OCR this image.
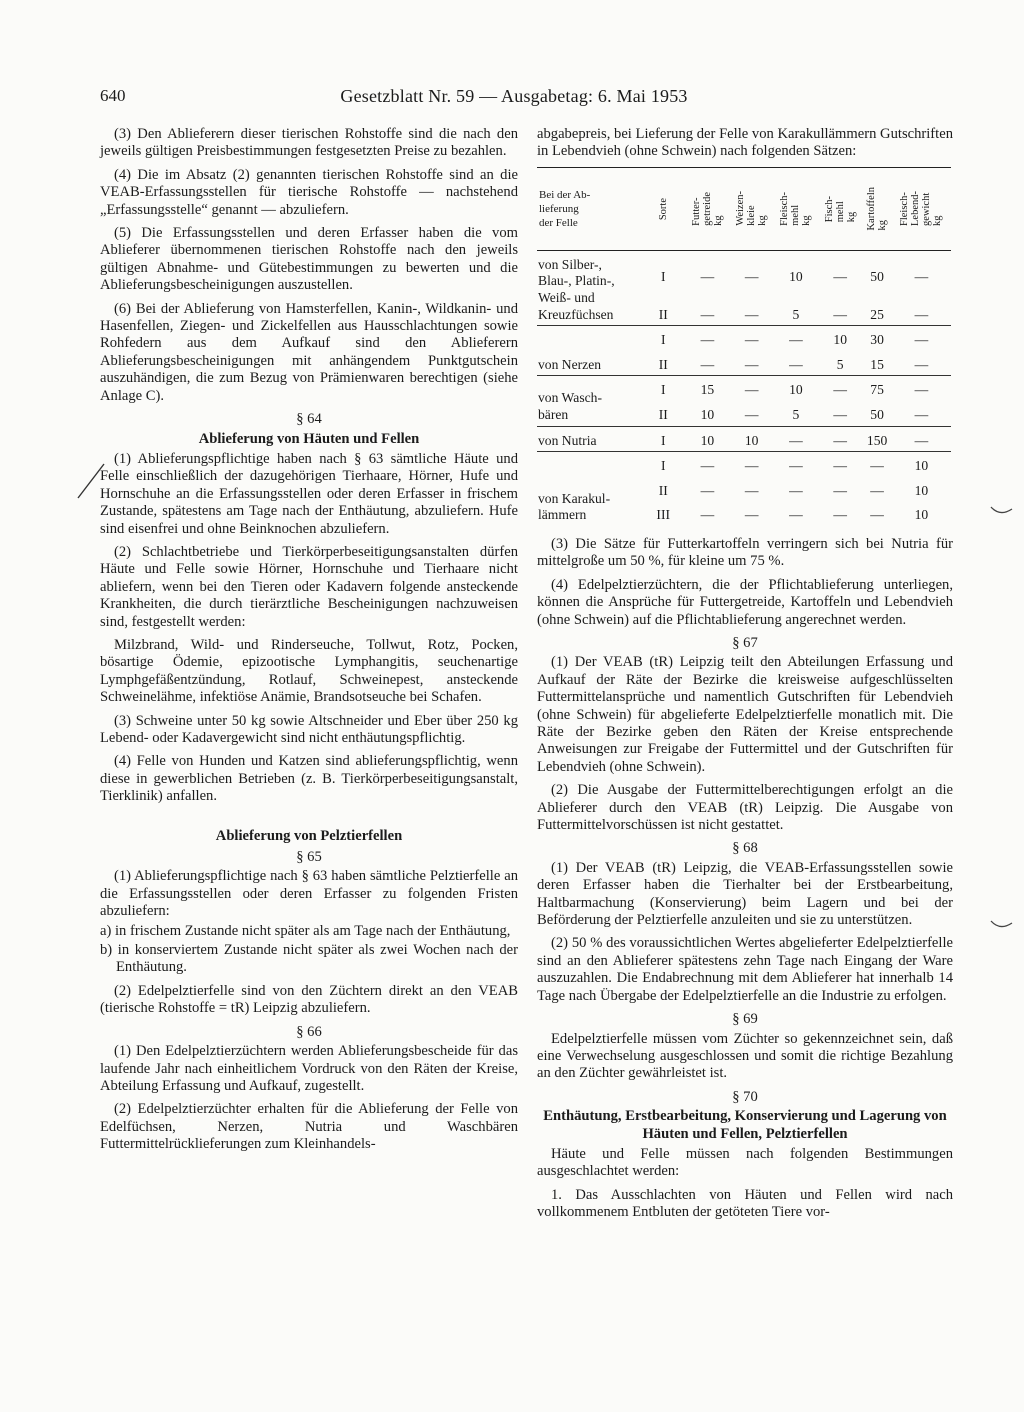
640	Gesetzblatt Nr. 59 — Ausgabetag: 6. Mai 1953

(3) Den Ablieferern dieser tierischen Rohstoffe sind die nach den jeweils gültigen Preisbestimmungen festgesetzten Preise zu bezahlen.

(4) Die im Absatz (2) genannten tierischen Rohstoffe sind an die VEAB-Erfassungsstellen für tierische Rohstoffe — nachstehend „Erfassungsstelle“ genannt — abzuliefern.

(5) Die Erfassungsstellen und deren Erfasser haben die vom Ablieferer übernommenen tierischen Rohstoffe nach den jeweils gültigen Abnahme- und Gütebestimmungen zu bewerten und die Ablieferungsbescheinigungen auszustellen.

(6) Bei der Ablieferung von Hamsterfellen, Kanin-, Wildkanin- und Hasenfellen, Ziegen- und Zickelfellen aus Hausschlachtungen sowie Rohfedern aus dem Aufkauf sind den Ablieferern Ablieferungsbescheinigungen mit anhängendem Punktgutschein auszuhändigen, die zum Bezug von Prämienwaren berechtigen (siehe Anlage C).

§ 64
Ablieferung von Häuten und Fellen

(1) Ablieferungspflichtige haben nach § 63 sämtliche Häute und Felle einschließlich der dazugehörigen Tierhaare, Hörner, Hufe und Hornschuhe an die Erfassungsstellen oder deren Erfasser in frischem Zustande, spätestens am Tage nach der Enthäutung, abzuliefern. Hufe sind eisenfrei und ohne Beinknochen abzuliefern.

(2) Schlachtbetriebe und Tierkörperbeseitigungsanstalten dürfen Häute und Felle sowie Hörner, Hornschuhe und Tierhaare nicht abliefern, wenn bei den Tieren oder Kadavern folgende ansteckende Krankheiten, die durch tierärztliche Bescheinigungen nachzuweisen sind, festgestellt werden:

Milzbrand, Wild- und Rinderseuche, Tollwut, Rotz, Pocken, bösartige Ödemie, epizootische Lymphangitis, seuchenartige Lymphgefäßentzündung, Rotlauf, Schweinepest, ansteckende Schweinelähme, infektiöse Anämie, Brandsotseuche bei Schafen.

(3) Schweine unter 50 kg sowie Altschneider und Eber über 250 kg Lebend- oder Kadavergewicht sind nicht enthäutungspflichtig.

(4) Felle von Hunden und Katzen sind ablieferungspflichtig, wenn diese in gewerblichen Betrieben (z. B. Tierkörperbeseitigungsanstalt, Tierklinik) anfallen.

Ablieferung von Pelztierfellen
§ 65

(1) Ablieferungspflichtige nach § 63 haben sämtliche Pelztierfelle an die Erfassungsstellen oder deren Erfasser zu folgenden Fristen abzuliefern:

a) in frischem Zustande nicht später als am Tage nach der Enthäutung,
b) in konserviertem Zustande nicht später als zwei Wochen nach der Enthäutung.

(2) Edelpelztierfelle sind von den Züchtern direkt an den VEAB (tierische Rohstoffe = tR) Leipzig abzuliefern.

§ 66

(1) Den Edelpelztierzüchtern werden Ablieferungsbescheide für das laufende Jahr nach einheitlichem Vordruck von den Räten der Kreise, Abteilung Erfassung und Aufkauf, zugestellt.

(2) Edelpelztierzüchter erhalten für die Ablieferung der Felle von Edelfüchsen, Nerzen, Nutria und Waschbären Futtermittelrücklieferungen zum Kleinhandels-

abgabepreis, bei Lieferung der Felle von Karakullämmern Gutschriften in Lebendvieh (ohne Schwein) nach folgenden Sätzen:

Bei der Ab-
lieferung
der Felle	Sorte	Futter-
getreide
kg	Weizen-
kleie
kg	Fleisch-
mehl
kg	Fisch-
mehl
kg	Kartoffeln
kg	Fleisch-
Lebend-
gewicht
kg

von Silber-,
Blau-, Platin-,
Weiß- und
Kreuzfüchsen	I	—	—	10	—	50	—
	II	—	—	5	—	25	—
von Nerzen	I	—	—	—	10	30	—
	II	—	—	—	5	15	—
von Wasch-
bären	I	15	—	10	—	75	—
	II	10	—	5	—	50	—
von Nutria	I	10	10	—	—	150	—
von Karakul-
lämmern	I	—	—	—	—	—	10
	II	—	—	—	—	—	10
	III	—	—	—	—	—	10

(3) Die Sätze für Futterkartoffeln verringern sich bei Nutria für mittelgroße um 50 %, für kleine um 75 %.

(4) Edelpelztierzüchtern, die der Pflichtablieferung unterliegen, können die Ansprüche für Futtergetreide, Kartoffeln und Lebendvieh (ohne Schwein) auf die Pflichtablieferung angerechnet werden.

§ 67

(1) Der VEAB (tR) Leipzig teilt den Abteilungen Erfassung und Aufkauf der Räte der Bezirke die kreisweise aufgeschlüsselten Futtermittelansprüche und namentlich Gutschriften für Lebendvieh (ohne Schwein) für abgelieferte Edelpelztierfelle monatlich mit. Die Räte der Bezirke geben den Räten der Kreise entsprechende Anweisungen zur Freigabe der Futtermittel und der Gutschriften für Lebendvieh (ohne Schwein).

(2) Die Ausgabe der Futtermittelberechtigungen erfolgt an die Ablieferer durch den VEAB (tR) Leipzig. Die Ausgabe von Futtermittelvorschüssen ist nicht gestattet.

§ 68

(1) Der VEAB (tR) Leipzig, die VEAB-Erfassungsstellen sowie deren Erfasser haben die Tierhalter bei der Erstbearbeitung, Haltbarmachung (Konservierung) beim Lagern und bei der Beförderung der Pelztierfelle anzuleiten und sie zu unterstützen.

(2) 50 % des voraussichtlichen Wertes abgelieferter Edelpelztierfelle sind an den Ablieferer spätestens zehn Tage nach Eingang der Ware auszuzahlen. Die Endabrechnung mit dem Ablieferer hat innerhalb 14 Tage nach Übergabe der Edelpelztierfelle an die Industrie zu erfolgen.

§ 69

Edelpelztierfelle müssen vom Züchter so gekennzeichnet sein, daß eine Verwechselung ausgeschlossen und somit die richtige Bezahlung an den Züchter gewährleistet ist.

§ 70
Enthäutung, Erstbearbeitung, Konservierung und Lagerung von Häuten und Fellen, Pelztierfellen

Häute und Felle müssen nach folgenden Bestimmungen ausgeschlachtet werden:

1. Das Ausschlachten von Häuten und Fellen wird nach vollkommenem Entbluten der getöteten Tiere vor-
